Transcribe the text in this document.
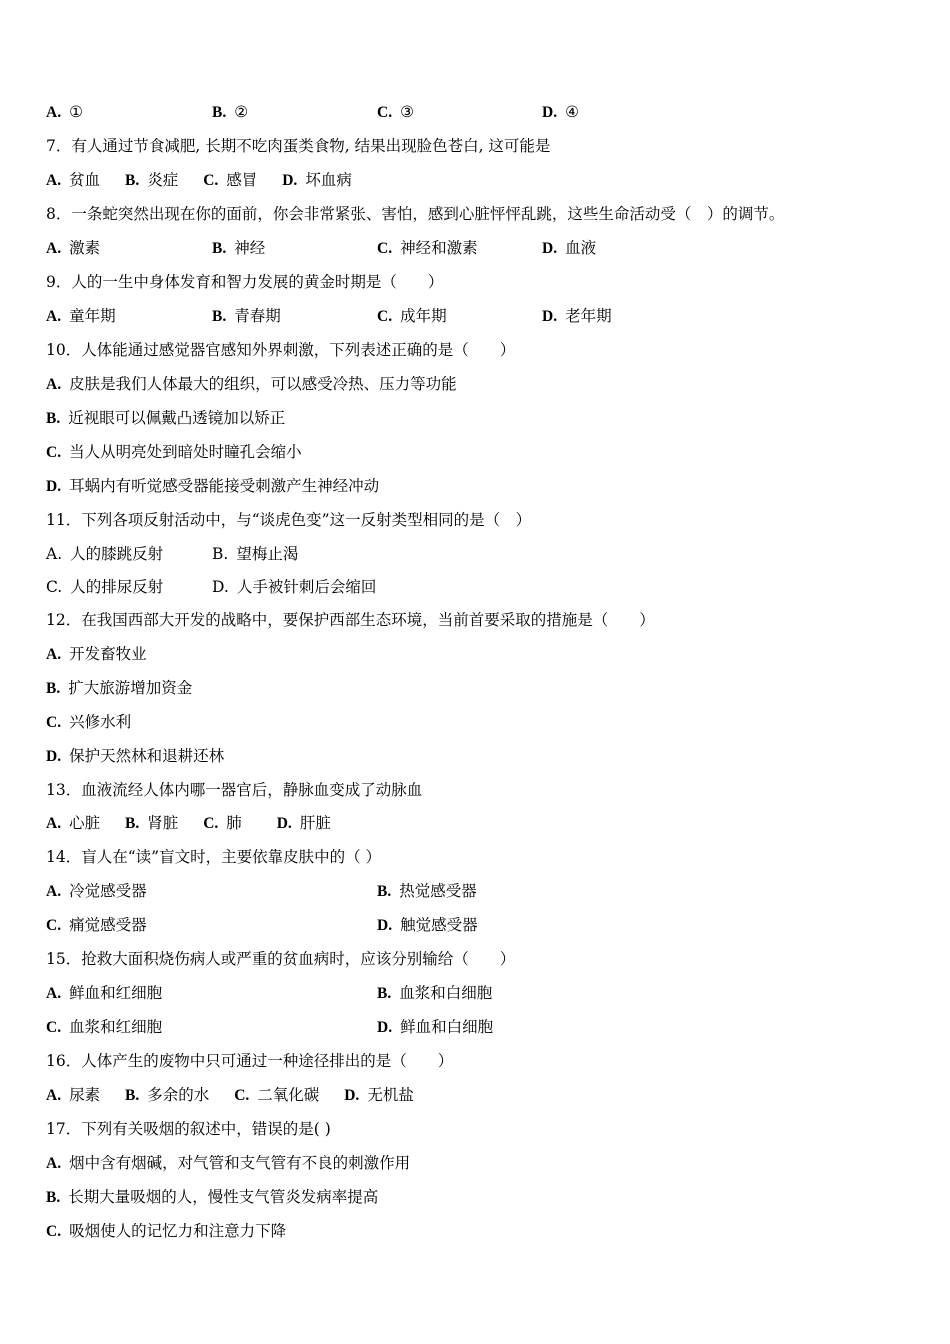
A. ①	B. ②	C. ③	D. ④
7．有人通过节食减肥, 长期不吃肉蛋类食物, 结果出现脸色苍白, 这可能是
A. 贫血 B. 炎症 C. 感冒 D. 坏血病
8．一条蛇突然出现在你的面前，你会非常紧张、害怕，感到心脏怦怦乱跳，这些生命活动受（　）的调节。
A. 激素	B. 神经	C. 神经和激素	D. 血液
9．人的一生中身体发育和智力发展的黄金时期是（　　）
A. 童年期	B. 青春期	C. 成年期	D. 老年期
10．人体能通过感觉器官感知外界刺激，下列表述正确的是（　　）
A. 皮肤是我们人体最大的组织，可以感受冷热、压力等功能
B. 近视眼可以佩戴凸透镜加以矫正
C. 当人从明亮处到暗处时瞳孔会缩小
D. 耳蜗内有听觉感受器能接受刺激产生神经冲动
11．下列各项反射活动中，与“谈虎色变”这一反射类型相同的是（　）
A. 人的膝跳反射	B. 望梅止渴
C. 人的排尿反射	D. 人手被针刺后会缩回
12．在我国西部大开发的战略中，要保护西部生态环境，当前首要采取的措施是（　　）
A. 开发畜牧业
B. 扩大旅游增加资金
C. 兴修水利
D. 保护天然林和退耕还林
13．血液流经人体内哪一器官后，静脉血变成了动脉血
A. 心脏 B. 肾脏 C. 肺 D. 肝脏
14．盲人在“读”盲文时，主要依靠皮肤中的（ ）
A. 冷觉感受器	B. 热觉感受器
C. 痛觉感受器	D. 触觉感受器
15．抢救大面积烧伤病人或严重的贫血病时，应该分别输给（　　）
A. 鲜血和红细胞	B. 血浆和白细胞
C. 血浆和红细胞	D. 鲜血和白细胞
16．人体产生的废物中只可通过一种途径排出的是（　　）
A. 尿素 B. 多余的水 C. 二氧化碳 D. 无机盐
17．下列有关吸烟的叙述中，错误的是( )
A. 烟中含有烟碱，对气管和支气管有不良的刺激作用
B. 长期大量吸烟的人，慢性支气管炎发病率提高
C. 吸烟使人的记忆力和注意力下降
